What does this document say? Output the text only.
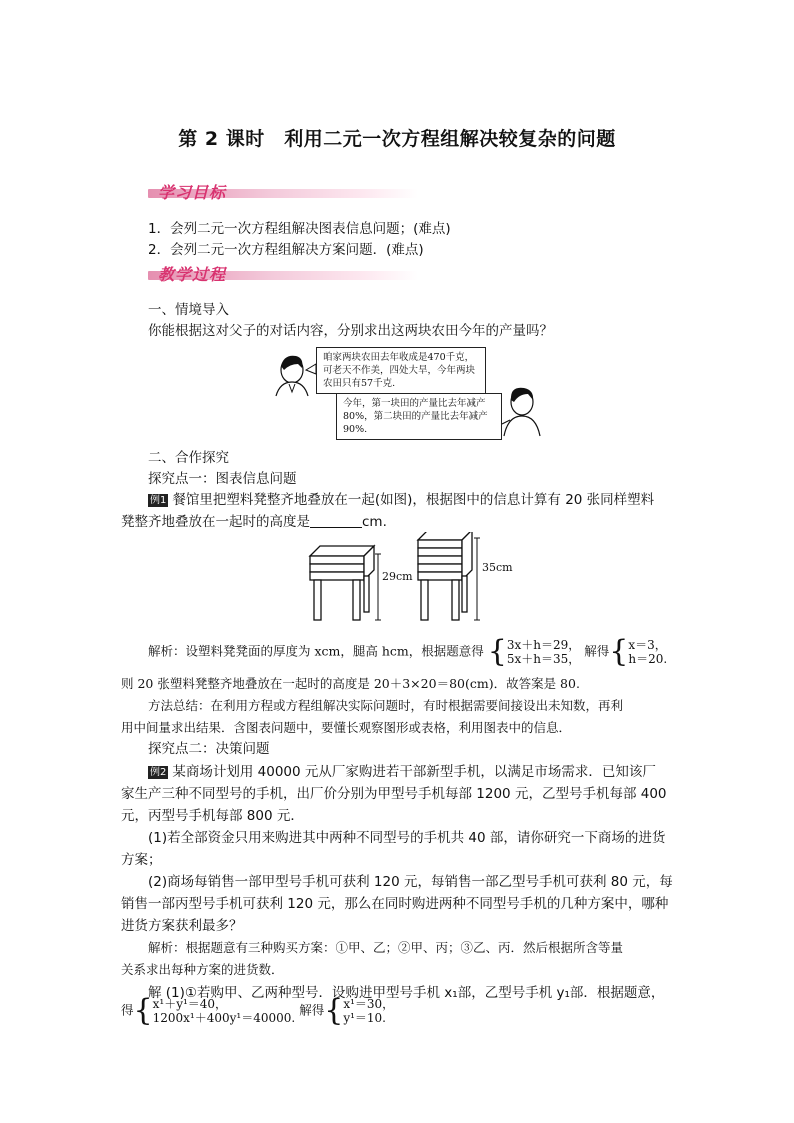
第 2 课时　利用二元一次方程组解决较复杂的问题
学习目标
1．会列二元一次方程组解决图表信息问题；(难点)
2．会列二元一次方程组解决方案问题．(难点)
教学过程
一、情境导入
你能根据这对父子的对话内容，分别求出这两块农田今年的产量吗？
咱家两块农田去年收成是470千克，可老天不作美，四处大旱，今年两块农田只有57千克.
今年，第一块田的产量比去年减产80%，第二块田的产量比去年减产90%.
二、合作探究
探究点一：图表信息问题
例1 餐馆里把塑料凳整齐地叠放在一起(如图)，根据图中的信息计算有 20 张同样塑料
凳整齐地叠放在一起时的高度是	cm.
29cm
35cm
解析：设塑料凳凳面的厚度为 xcm，腿高 hcm，根据题意得 {3x＋h＝29，
5x＋h＝35， 解得{x＝3，
h＝20.
则 20 张塑料凳整齐地叠放在一起时的高度是 20＋3×20＝80(cm)．故答案是 80.
方法总结：在利用方程或方程组解决实际问题时，有时根据需要间接设出未知数，再利
用中间量求出结果．含图表问题中，要懂长观察图形或表格，利用图表中的信息．
探究点二：决策问题
例2 某商场计划用 40000 元从厂家购进若干部新型手机，以满足市场需求．已知该厂
家生产三种不同型号的手机，出厂价分别为甲型号手机每部 1200 元，乙型号手机每部 400
元，丙型号手机每部 800 元．
(1)若全部资金只用来购进其中两种不同型号的手机共 40 部，请你研究一下商场的进货
方案；
(2)商场每销售一部甲型号手机可获利 120 元，每销售一部乙型号手机可获利 80 元，每
销售一部丙型号手机可获利 120 元，那么在同时购进两种不同型号手机的几种方案中，哪种
进货方案获利最多？
解析：根据题意有三种购买方案：①甲、乙；②甲、丙；③乙、丙．然后根据所含等量
关系求出每种方案的进货数．
解 (1)①若购甲、乙两种型号．设购进甲型号手机 x₁部，乙型号手机 y₁部．根据题意，
得{x¹＋y¹＝40，
1200x¹＋400y¹＝40000. 解得{x¹＝30，
y¹＝10.
